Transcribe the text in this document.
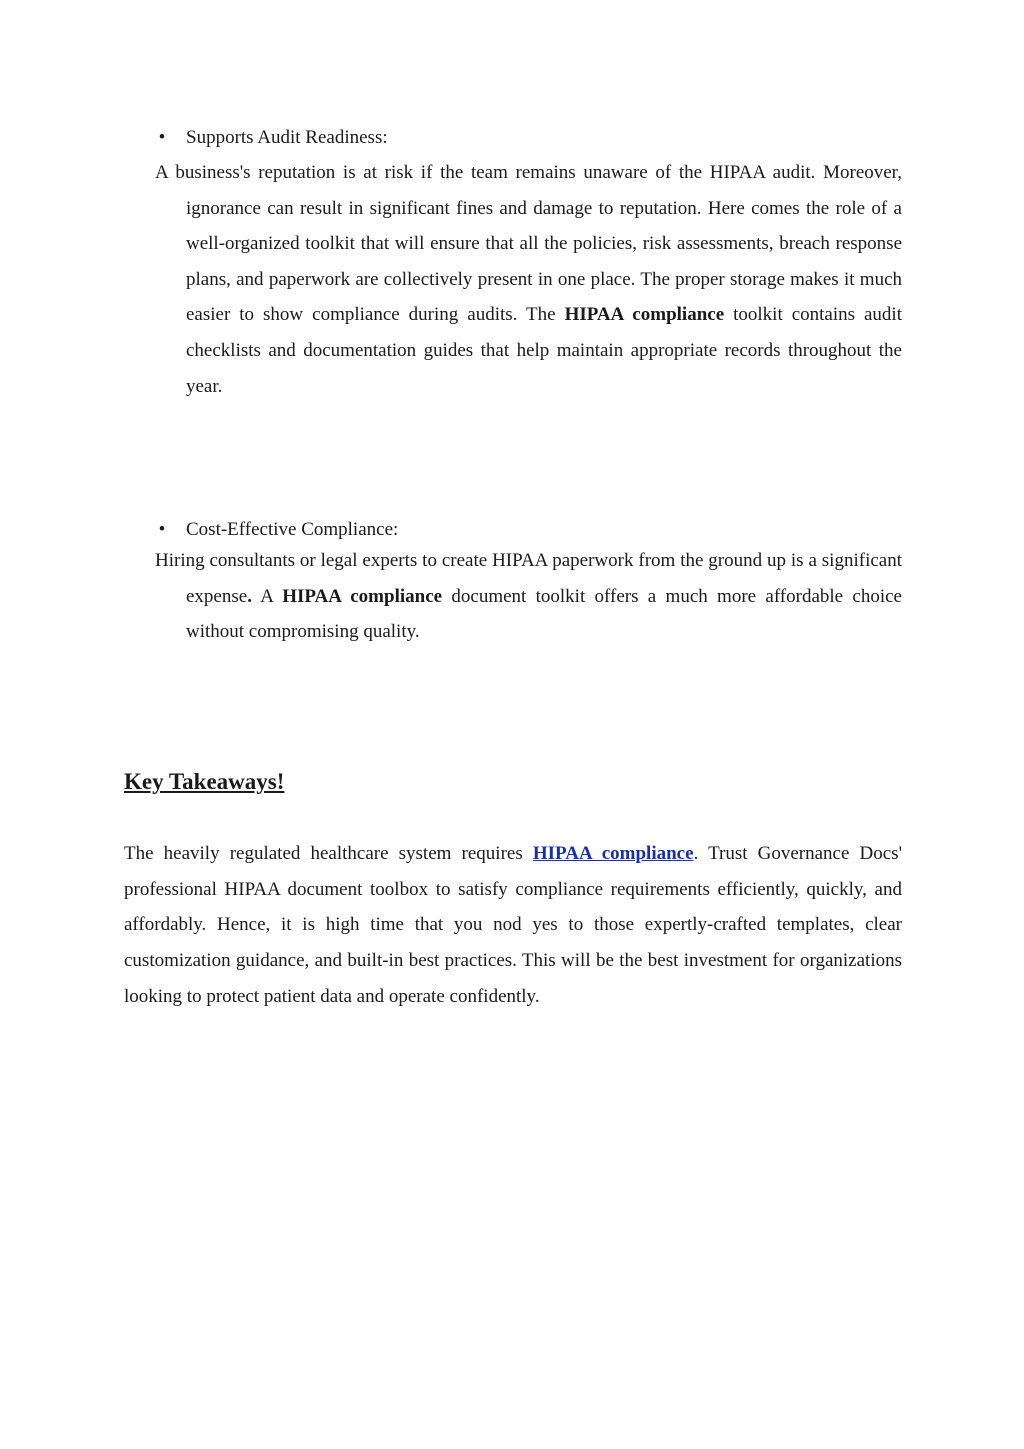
• Supports Audit Readiness:
A business's reputation is at risk if the team remains unaware of the HIPAA audit. Moreover, ignorance can result in significant fines and damage to reputation. Here comes the role of a well-organized toolkit that will ensure that all the policies, risk assessments, breach response plans, and paperwork are collectively present in one place. The proper storage makes it much easier to show compliance during audits. The HIPAA compliance toolkit contains audit checklists and documentation guides that help maintain appropriate records throughout the year.
• Cost-Effective Compliance:
Hiring consultants or legal experts to create HIPAA paperwork from the ground up is a significant expense. A HIPAA compliance document toolkit offers a much more affordable choice without compromising quality.
Key Takeaways!
The heavily regulated healthcare system requires HIPAA compliance. Trust Governance Docs' professional HIPAA document toolbox to satisfy compliance requirements efficiently, quickly, and affordably. Hence, it is high time that you nod yes to those expertly-crafted templates, clear customization guidance, and built-in best practices. This will be the best investment for organizations looking to protect patient data and operate confidently.
